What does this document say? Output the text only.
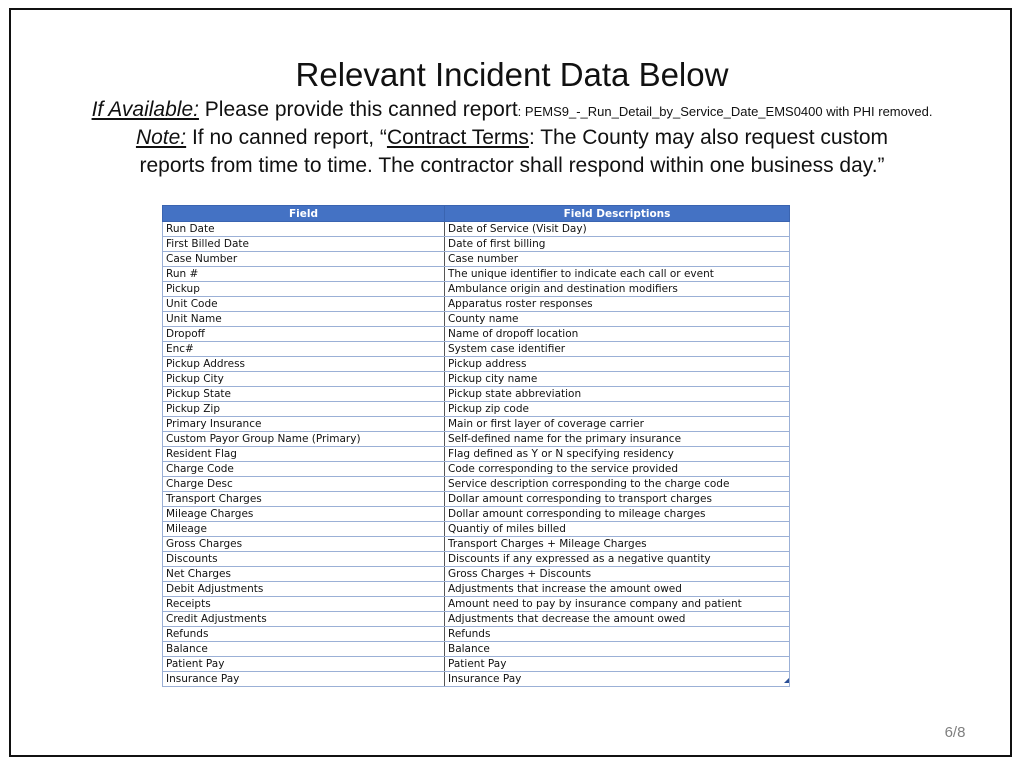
Relevant Incident Data Below
If Available: Please provide this canned report: PEMS9_-_Run_Detail_by_Service_Date_EMS0400 with PHI removed.
Note: If no canned report, “Contract Terms: The County may also request custom
reports from time to time. The contractor shall respond within one business day.”
Field	Field Descriptions
Run Date	Date of Service (Visit Day)
First Billed Date	Date of first billing
Case Number	Case number
Run #	The unique identifier to indicate each call or event
Pickup	Ambulance origin and destination modifiers
Unit Code	Apparatus roster responses
Unit Name	County name
Dropoff	Name of dropoff location
Enc#	System case identifier
Pickup Address	Pickup address
Pickup City	Pickup city name
Pickup State	Pickup state abbreviation
Pickup Zip	Pickup zip code
Primary Insurance	Main or first layer of coverage carrier
Custom Payor Group Name (Primary)	Self-defined name for the primary insurance
Resident Flag	Flag defined as Y or N specifying residency
Charge Code	Code corresponding to the service provided
Charge Desc	Service description corresponding to the charge code
Transport Charges	Dollar amount corresponding to transport charges
Mileage Charges	Dollar amount corresponding to mileage charges
Mileage	Quantiy of miles billed
Gross Charges	Transport Charges + Mileage Charges
Discounts	Discounts if any expressed as a negative quantity
Net Charges	Gross Charges + Discounts
Debit Adjustments	Adjustments that increase the amount owed
Receipts	Amount need to pay by insurance company and patient
Credit Adjustments	Adjustments that decrease the amount owed
Refunds	Refunds
Balance	Balance
Patient Pay	Patient Pay
Insurance Pay	Insurance Pay
6/8
